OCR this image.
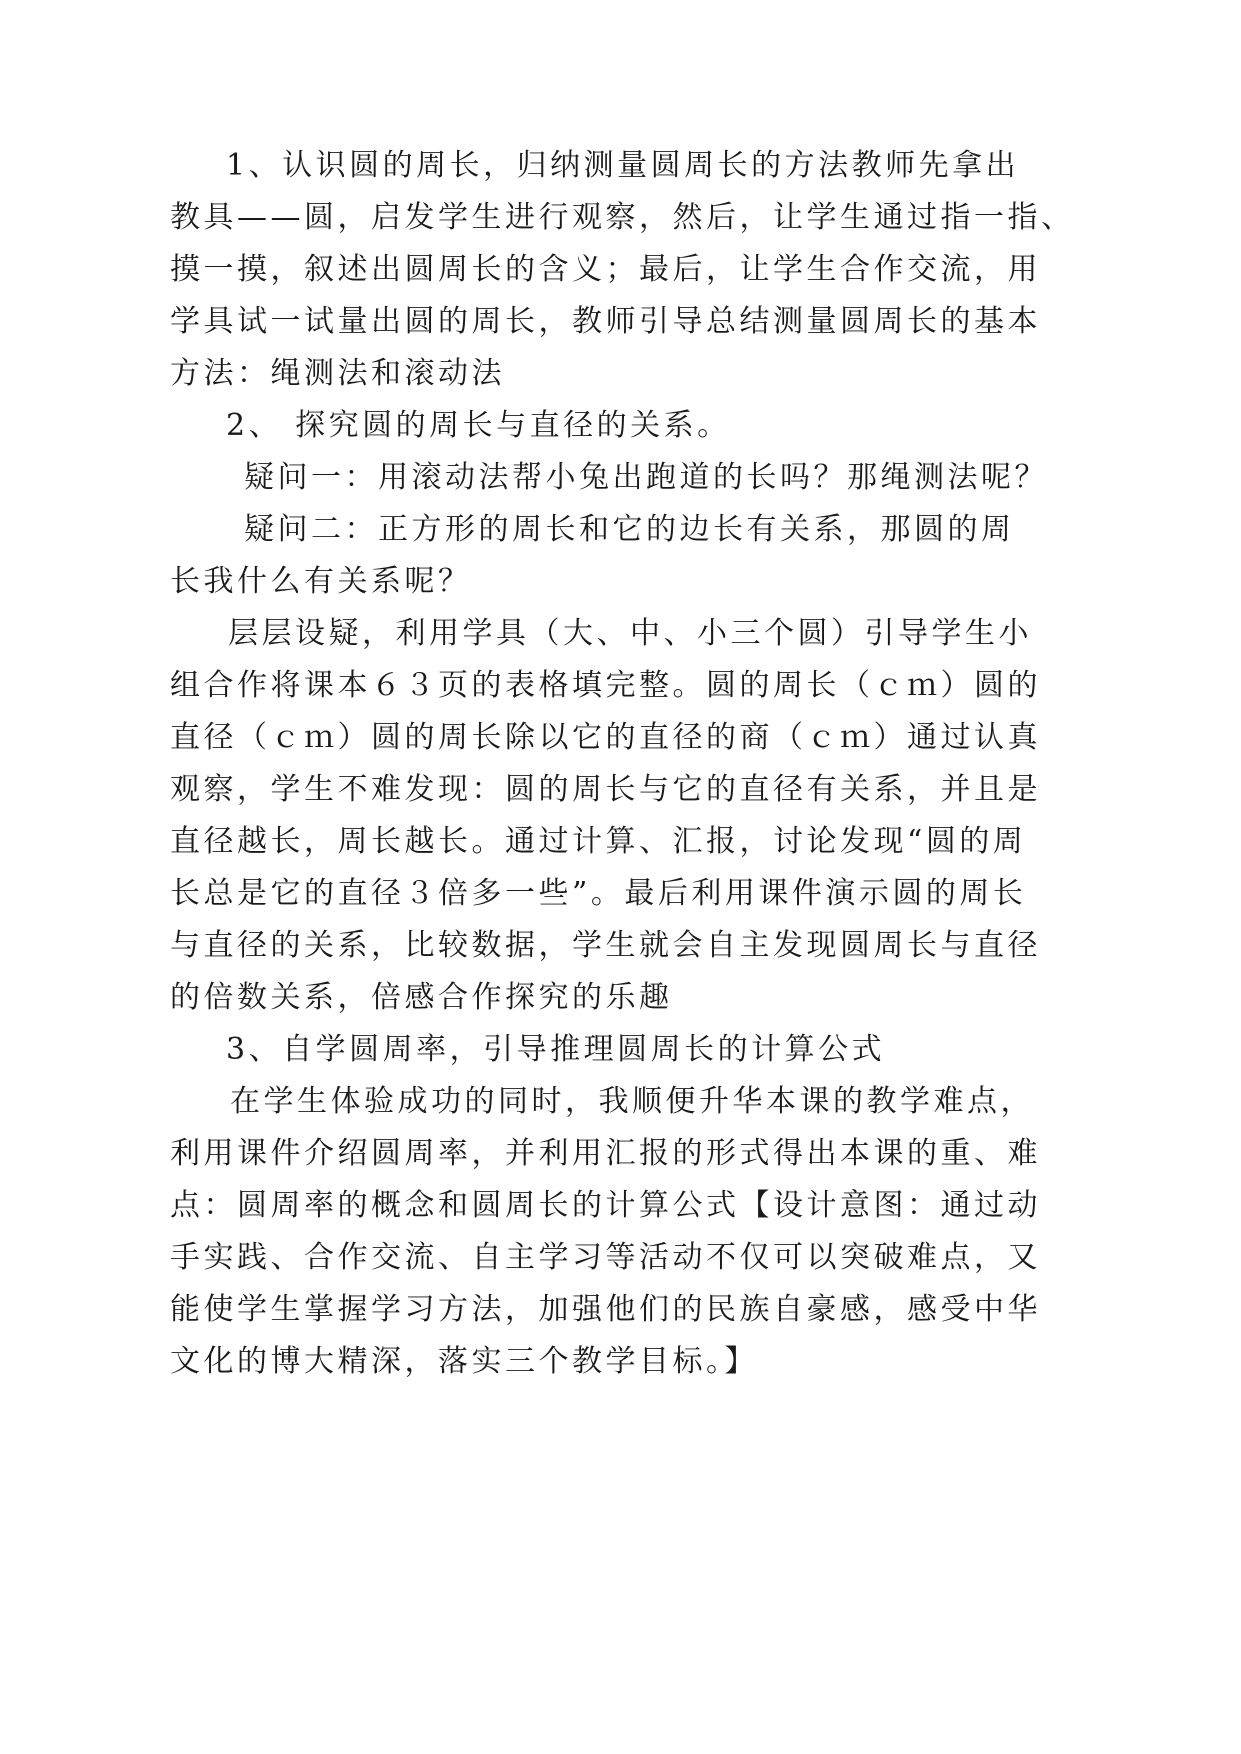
1、认识圆的周长，归纳测量圆周长的方法教师先拿出
教具——圆，启发学生进行观察，然后，让学生通过指一指、
摸一摸，叙述出圆周长的含义；最后，让学生合作交流，用
学具试一试量出圆的周长，教师引导总结测量圆周长的基本
方法：绳测法和滚动法
2、 探究圆的周长与直径的关系。
疑问一：用滚动法帮小兔出跑道的长吗？那绳测法呢？
疑问二：正方形的周长和它的边长有关系，那圆的周
长我什么有关系呢？
层层设疑，利用学具（大、中、小三个圆）引导学生小
组合作将课本６３页的表格填完整。圆的周长（ｃｍ）圆的
直径（ｃｍ）圆的周长除以它的直径的商（ｃｍ）通过认真
观察，学生不难发现：圆的周长与它的直径有关系，并且是
直径越长，周长越长。通过计算、汇报，讨论发现“圆的周
长总是它的直径３倍多一些”。最后利用课件演示圆的周长
与直径的关系，比较数据，学生就会自主发现圆周长与直径
的倍数关系，倍感合作探究的乐趣
3、自学圆周率，引导推理圆周长的计算公式
在学生体验成功的同时，我顺便升华本课的教学难点，
利用课件介绍圆周率，并利用汇报的形式得出本课的重、难
点：圆周率的概念和圆周长的计算公式【设计意图：通过动
手实践、合作交流、自主学习等活动不仅可以突破难点，又
能使学生掌握学习方法，加强他们的民族自豪感，感受中华
文化的博大精深，落实三个教学目标。】
